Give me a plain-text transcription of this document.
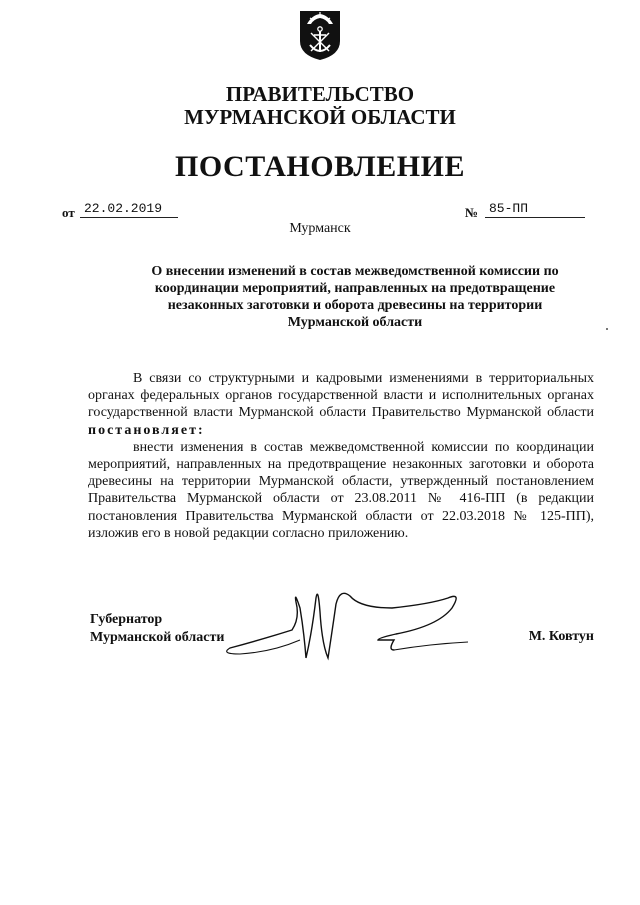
ПРАВИТЕЛЬСТВО
МУРМАНСКОЙ ОБЛАСТИ
ПОСТАНОВЛЕНИЕ
от 22.02.2019	№ 85-ПП
Мурманск
О внесении изменений в состав межведомственной комиссии по
координации мероприятий, направленных на предотвращение
незаконных заготовки и оборота древесины на территории
Мурманской области

В связи со структурными и кадровыми изменениями в территориальных органах федеральных органов государственной власти и исполнительных органах государственной власти Мурманской области Правительство Мурманской области постановляет:

внести изменения в состав межведомственной комиссии по координации мероприятий, направленных на предотвращение незаконных заготовки и оборота древесины на территории Мурманской области, утвержденный постановлением Правительства Мурманской области от 23.08.2011 № 416-ПП (в редакции постановления Правительства Мурманской области от 22.03.2018 № 125-ПП), изложив его в новой редакции согласно приложению.

Губернатор
Мурманской области	М. Ковтун
